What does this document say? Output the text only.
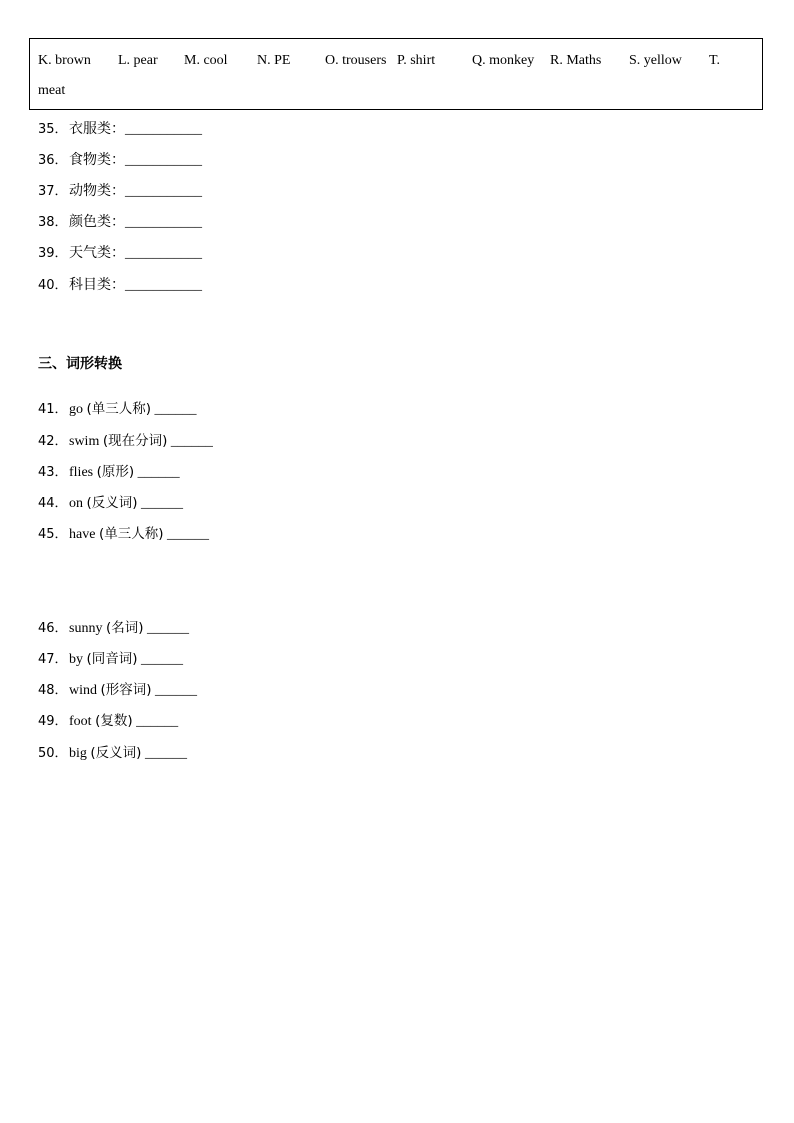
K. brown L. pear M. cool N. PE O. trousers P. shirt	Q. monkey R. Maths S. yellow T.
meat
35．衣服类：___________
36．食物类：___________
37．动物类：___________
38．颜色类：___________
39．天气类：___________
40．科目类：___________
三、词形转换
41．go (单三人称) ______
42．swim (现在分词) ______
43．flies (原形) ______
44．on (反义词) ______
45．have (单三人称) ______
46．sunny (名词) ______
47．by (同音词) ______
48．wind (形容词) ______
49．foot (复数) ______
50．big (反义词) ______
